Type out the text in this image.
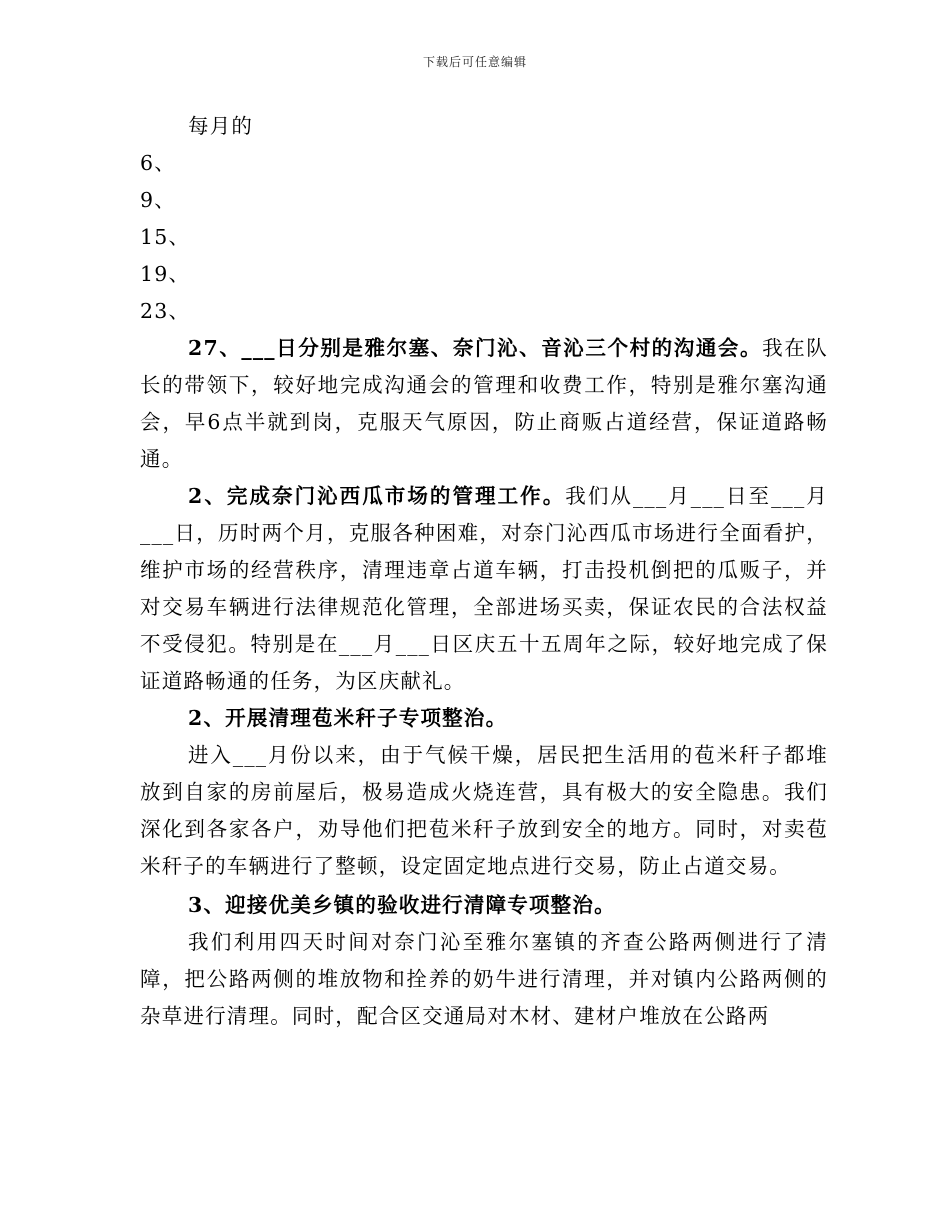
下载后可任意编辑
每月的
6、
9、
15、
19、
23、

27、___日分别是雅尔塞、奈门沁、音沁三个村的沟通会。我在队长的带领下，较好地完成沟通会的管理和收费工作，特别是雅尔塞沟通会，早6点半就到岗，克服天气原因，防止商贩占道经营，保证道路畅通。

2、完成奈门沁西瓜市场的管理工作。我们从___月___日至___月___日，历时两个月，克服各种困难，对奈门沁西瓜市场进行全面看护，维护市场的经营秩序，清理违章占道车辆，打击投机倒把的瓜贩子，并对交易车辆进行法律规范化管理，全部进场买卖，保证农民的合法权益不受侵犯。特别是在___月___日区庆五十五周年之际，较好地完成了保证道路畅通的任务，为区庆献礼。

2、开展清理苞米秆子专项整治。

进入___月份以来，由于气候干燥，居民把生活用的苞米秆子都堆放到自家的房前屋后，极易造成火烧连营，具有极大的安全隐患。我们深化到各家各户，劝导他们把苞米秆子放到安全的地方。同时，对卖苞米秆子的车辆进行了整顿，设定固定地点进行交易，防止占道交易。

3、迎接优美乡镇的验收进行清障专项整治。

我们利用四天时间对奈门沁至雅尔塞镇的齐查公路两侧进行了清障，把公路两侧的堆放物和拴养的奶牛进行清理，并对镇内公路两侧的杂草进行清理。同时，配合区交通局对木材、建材户堆放在公路两
